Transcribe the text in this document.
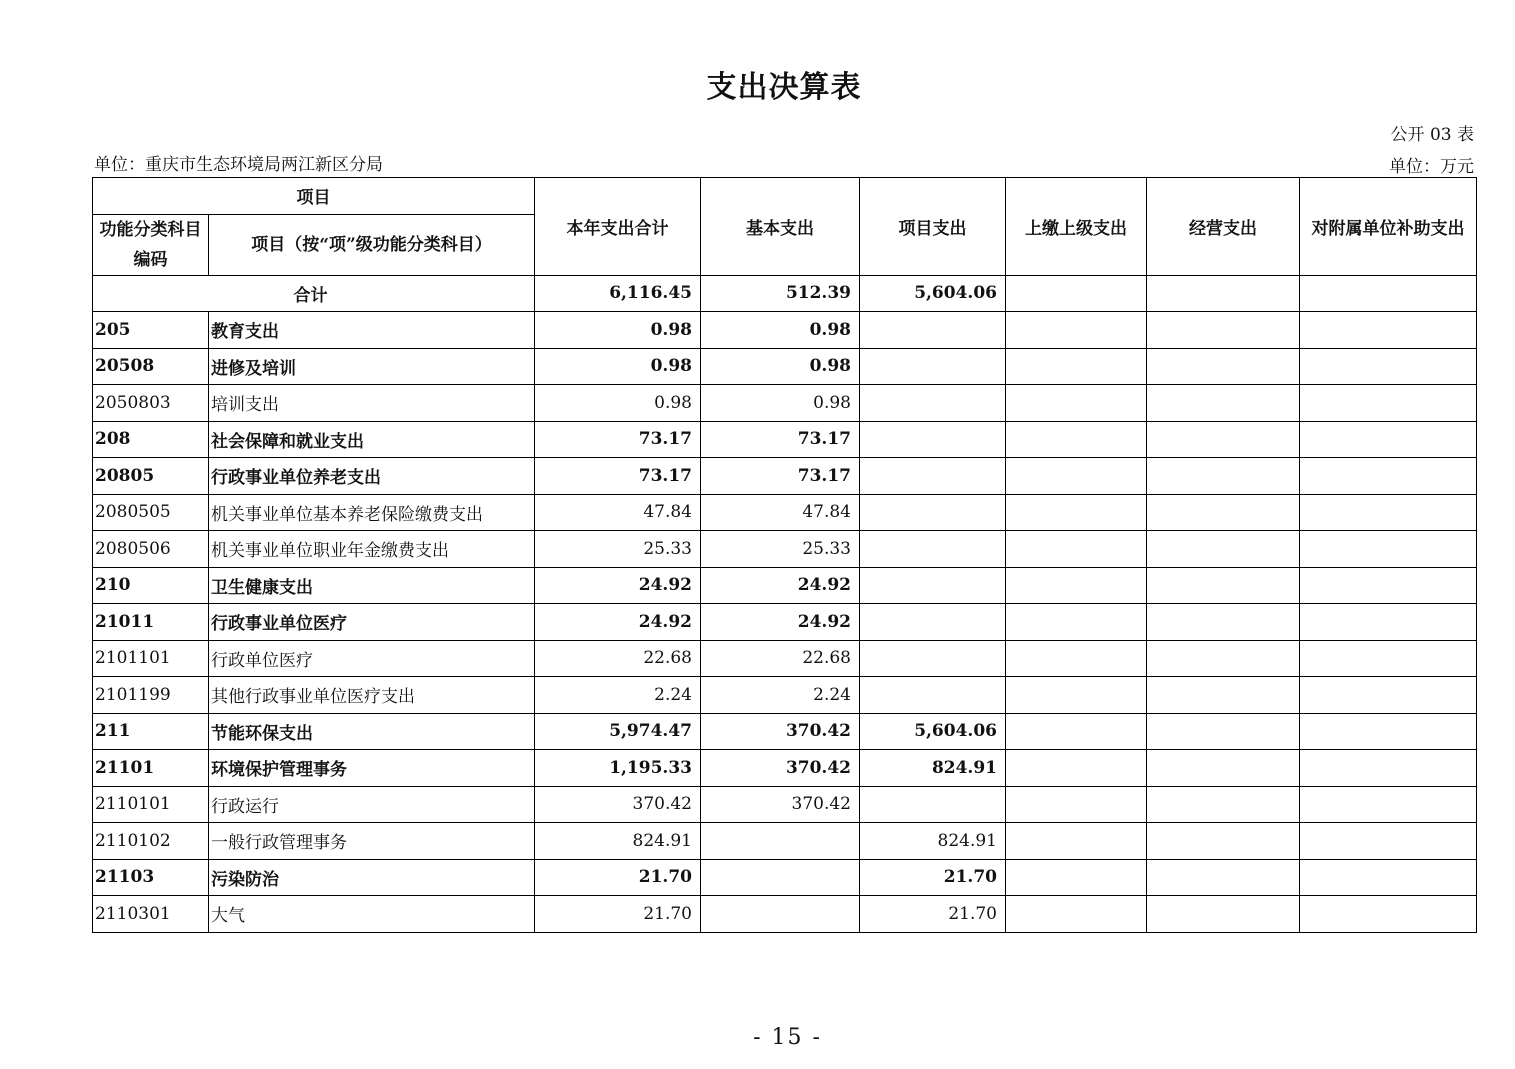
支出决算表
公开 03 表
单位：重庆市生态环境局两江新区分局	单位：万元
项目		本年支出合计	基本支出	项目支出	上缴上级支出	经营支出	对附属单位补助支出
功能分类科目编码	项目（按“项”级功能分类科目）						
合计		6,116.45	512.39	5,604.06			
205	教育支出	0.98	0.98				
20508	进修及培训	0.98	0.98				
2050803	培训支出	0.98	0.98				
208	社会保障和就业支出	73.17	73.17				
20805	行政事业单位养老支出	73.17	73.17				
2080505	机关事业单位基本养老保险缴费支出	47.84	47.84				
2080506	机关事业单位职业年金缴费支出	25.33	25.33				
210	卫生健康支出	24.92	24.92				
21011	行政事业单位医疗	24.92	24.92				
2101101	行政单位医疗	22.68	22.68				
2101199	其他行政事业单位医疗支出	2.24	2.24				
211	节能环保支出	5,974.47	370.42	5,604.06			
21101	环境保护管理事务	1,195.33	370.42	824.91			
2110101	行政运行	370.42	370.42				
2110102	一般行政管理事务	824.91		824.91			
21103	污染防治	21.70		21.70			
2110301	大气	21.70		21.70			
- 15 -
